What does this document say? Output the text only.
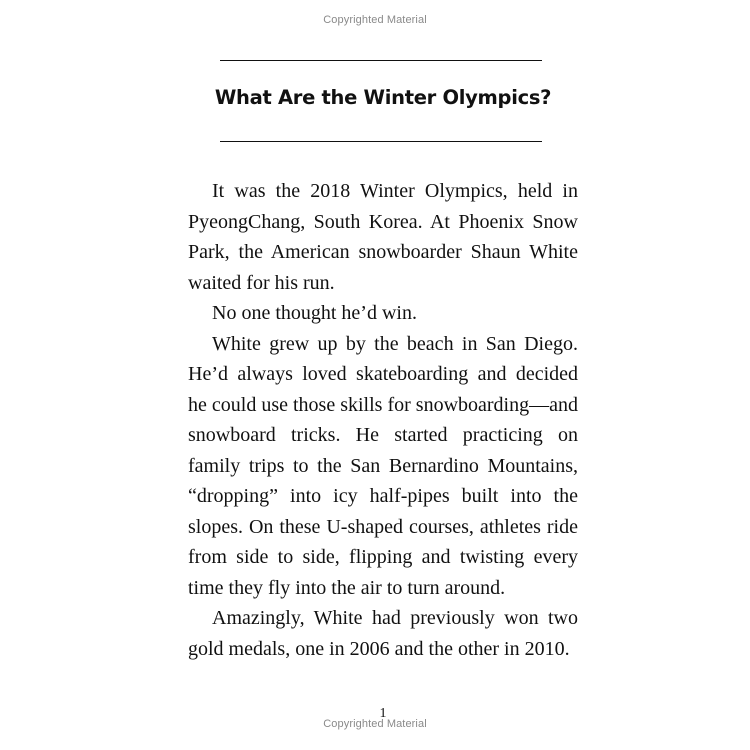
Copyrighted Material
What Are the Winter Olympics?

It was the 2018 Winter Olympics, held in PyeongChang, South Korea. At Phoenix Snow Park, the American snowboarder Shaun White waited for his run.

No one thought he’d win.

White grew up by the beach in San Diego. He’d always loved skateboarding and decided he could use those skills for snowboarding—and snowboard tricks. He started practicing on family trips to the San Bernardino Mountains, “dropping” into icy half-pipes built into the slopes. On these U-shaped courses, athletes ride from side to side, flipping and twisting every time they fly into the air to turn around.

Amazingly, White had previously won two gold medals, one in 2006 and the other in 2010.

1
Copyrighted Material
